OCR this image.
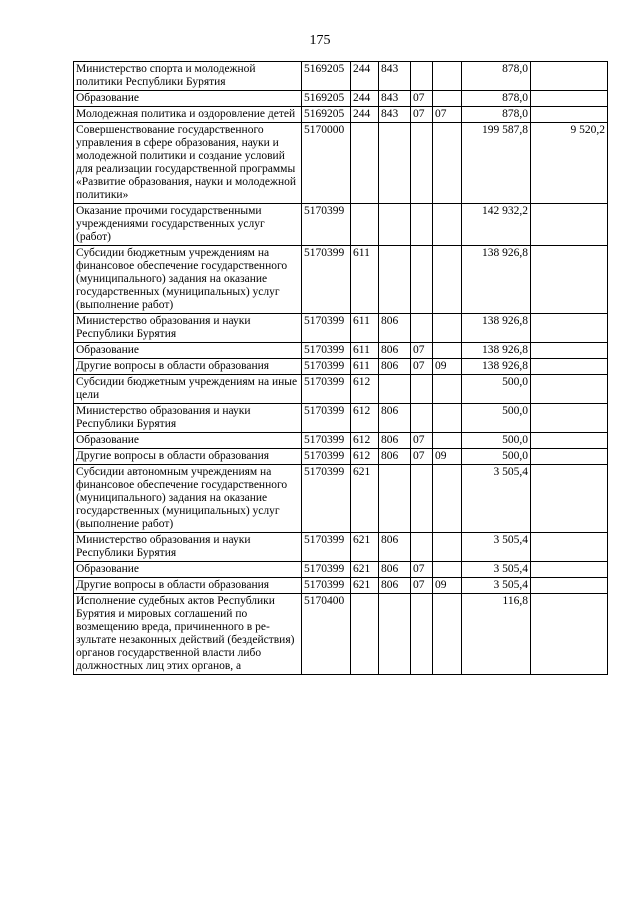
175
Министерство спорта и молодежной политики Республики Бурятия	5169205	244	843			878,0	
Образование	5169205	244	843	07		878,0	
Молодежная политика и оздоровление детей	5169205	244	843	07	07	878,0	
Совершенствование государственного управления в сфере образования, науки и молодежной политики и создание условий для реализации государственной программы «Развитие образования, науки и молодежной политики»	5170000					199 587,8	9 520,2
Оказание прочими государственными учреждениями государственных услуг (работ)	5170399					142 932,2	
Субсидии бюджетным учреждениям на финансовое обеспечение государственного (муниципального) задания на оказание государственных (муниципальных) услуг (выполнение работ)	5170399	611				138 926,8	
Министерство образования и науки Республики Бурятия	5170399	611	806			138 926,8	
Образование	5170399	611	806	07		138 926,8	
Другие вопросы в области образования	5170399	611	806	07	09	138 926,8	
Субсидии бюджетным учреждениям на иные цели	5170399	612				500,0	
Министерство образования и науки Республики Бурятия	5170399	612	806			500,0	
Образование	5170399	612	806	07		500,0	
Другие вопросы в области образования	5170399	612	806	07	09	500,0	
Субсидии автономным учреждениям на финансовое обеспечение государственного (муниципального) задания на оказание государственных (муниципальных) услуг (выполнение работ)	5170399	621				3 505,4	
Министерство образования и науки Республики Бурятия	5170399	621	806			3 505,4	
Образование	5170399	621	806	07		3 505,4	
Другие вопросы в области образования	5170399	621	806	07	09	3 505,4	
Исполнение судебных актов Республики Бурятия и мировых соглашений по возмещению вреда, причиненного в результате незаконных действий (бездействия) органов государственной власти либо должностных лиц этих органов, а	5170400					116,8	
